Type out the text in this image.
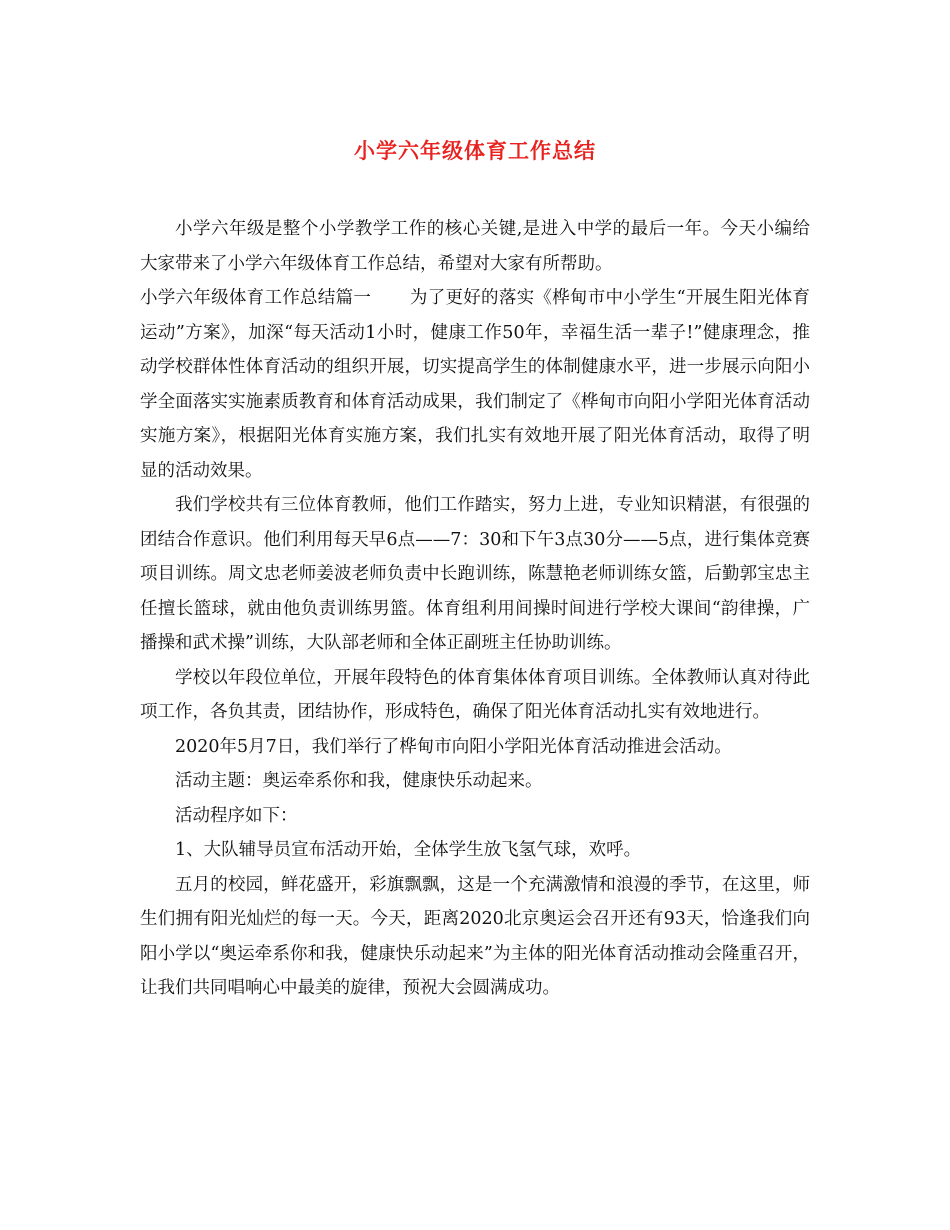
小学六年级体育工作总结

小学六年级是整个小学教学工作的核心关键,是进入中学的最后一年。今天小编给大家带来了小学六年级体育工作总结，希望对大家有所帮助。

小学六年级体育工作总结篇一 为了更好的落实《桦甸市中小学生“开展生阳光体育运动”方案》，加深“每天活动1小时，健康工作50年，幸福生活一辈子!”健康理念，推动学校群体性体育活动的组织开展，切实提高学生的体制健康水平，进一步展示向阳小学全面落实实施素质教育和体育活动成果，我们制定了《桦甸市向阳小学阳光体育活动实施方案》，根据阳光体育实施方案，我们扎实有效地开展了阳光体育活动，取得了明显的活动效果。

我们学校共有三位体育教师，他们工作踏实，努力上进，专业知识精湛，有很强的团结合作意识。他们利用每天早6点——7：30和下午3点30分——5点，进行集体竞赛项目训练。周文忠老师姜波老师负责中长跑训练，陈慧艳老师训练女篮，后勤郭宝忠主任擅长篮球，就由他负责训练男篮。体育组利用间操时间进行学校大课间“韵律操，广播操和武术操”训练，大队部老师和全体正副班主任协助训练。

学校以年段位单位，开展年段特色的体育集体体育项目训练。全体教师认真对待此项工作，各负其责，团结协作，形成特色，确保了阳光体育活动扎实有效地进行。

2020年5月7日，我们举行了桦甸市向阳小学阳光体育活动推进会活动。

活动主题：奥运牵系你和我，健康快乐动起来。

活动程序如下：

1、大队辅导员宣布活动开始，全体学生放飞氢气球，欢呼。

五月的校园，鲜花盛开，彩旗飘飘，这是一个充满激情和浪漫的季节，在这里，师生们拥有阳光灿烂的每一天。今天，距离2020北京奥运会召开还有93天，恰逢我们向阳小学以“奥运牵系你和我，健康快乐动起来”为主体的阳光体育活动推动会隆重召开，让我们共同唱响心中最美的旋律，预祝大会圆满成功。
